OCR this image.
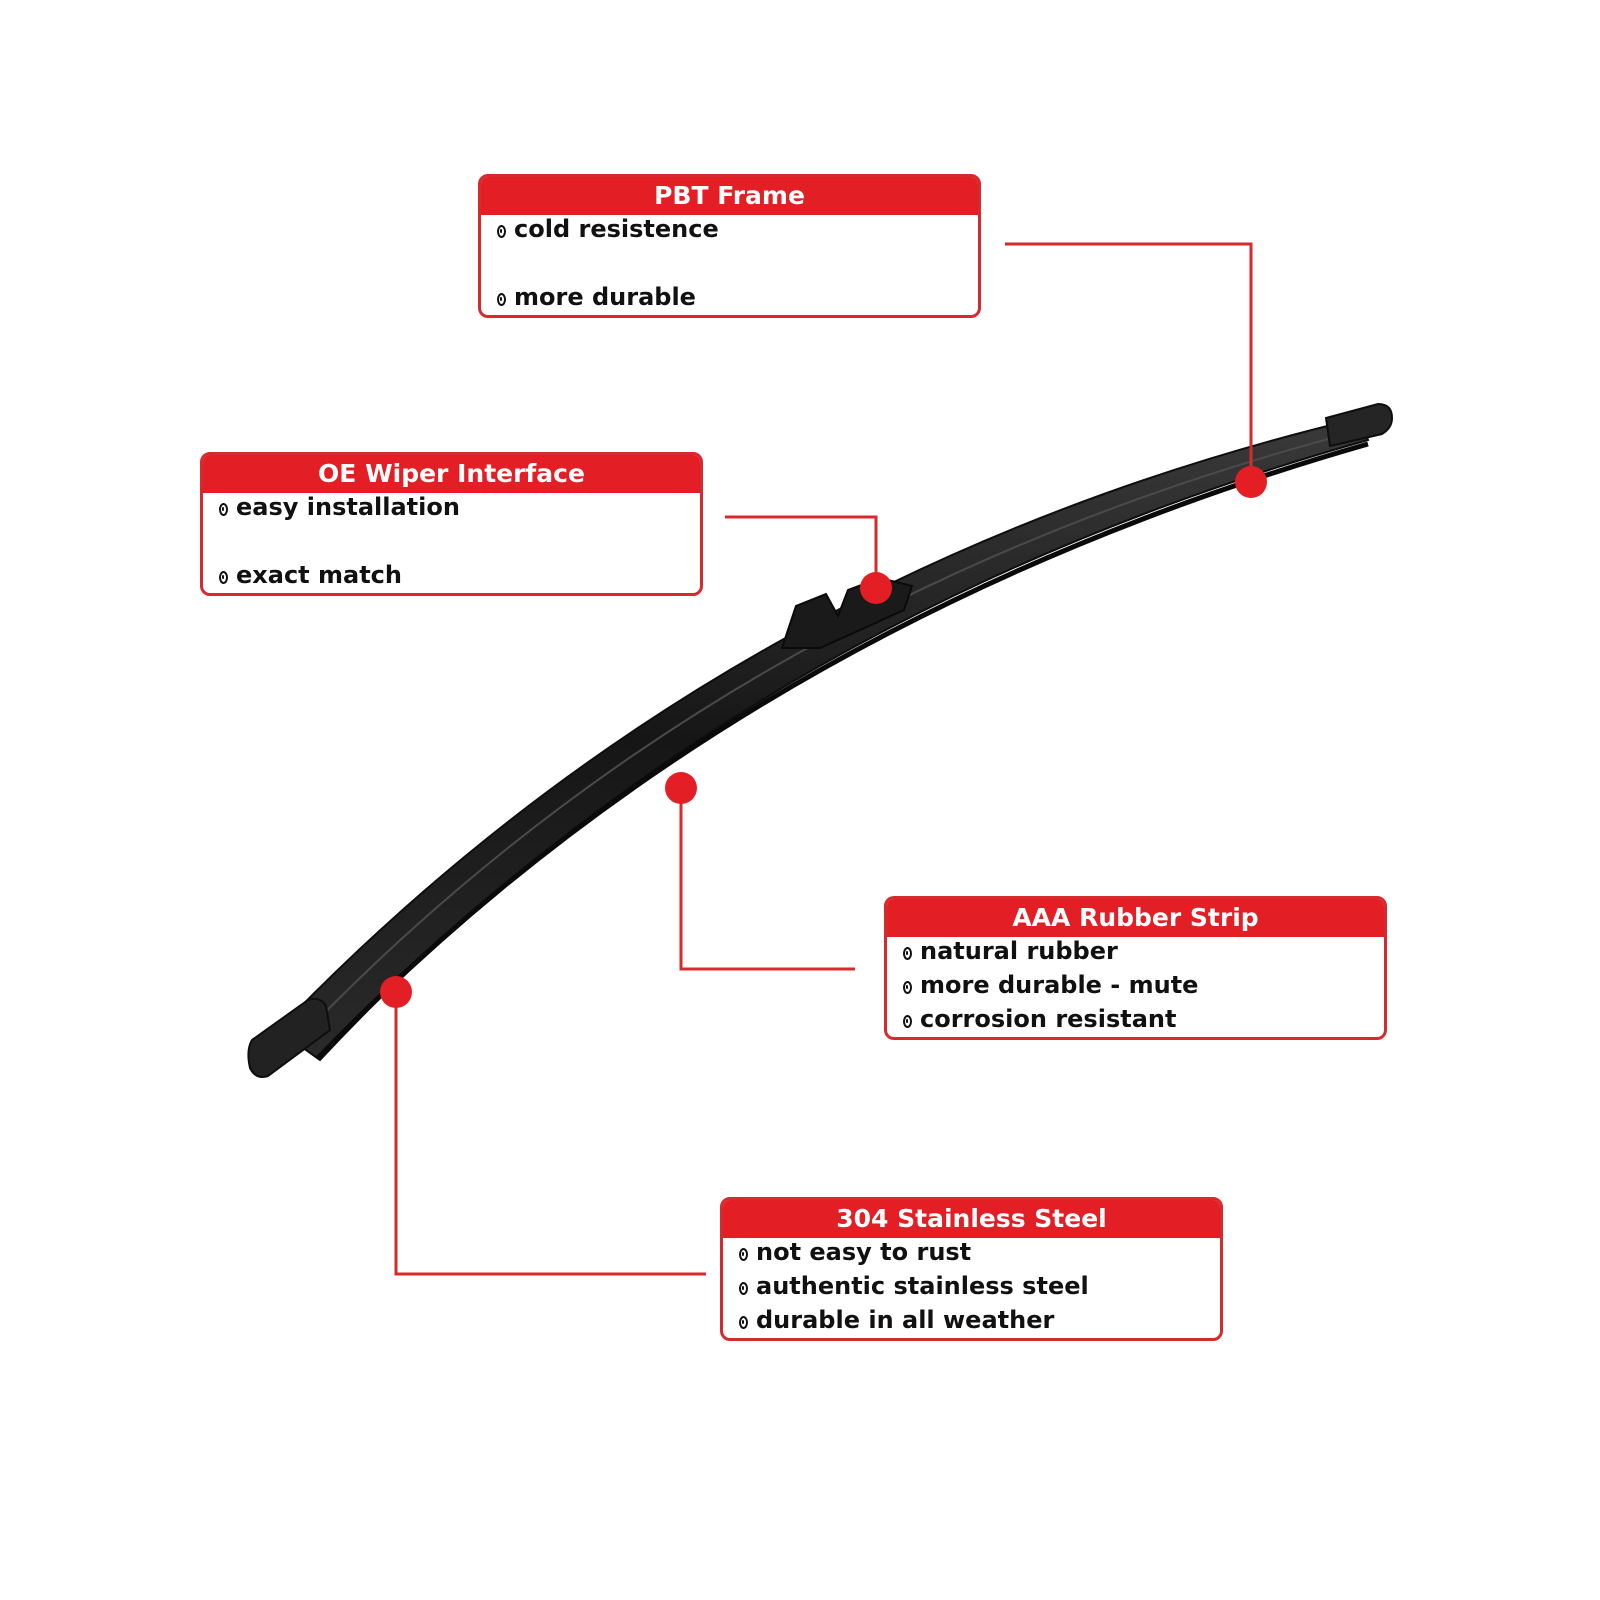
PBT Frame
cold resistence
more durable
OE Wiper Interface
easy installation
exact match
AAA Rubber Strip
natural rubber
more durable - mute
corrosion resistant
304 Stainless Steel
not easy to rust
authentic stainless steel
durable in all weather
